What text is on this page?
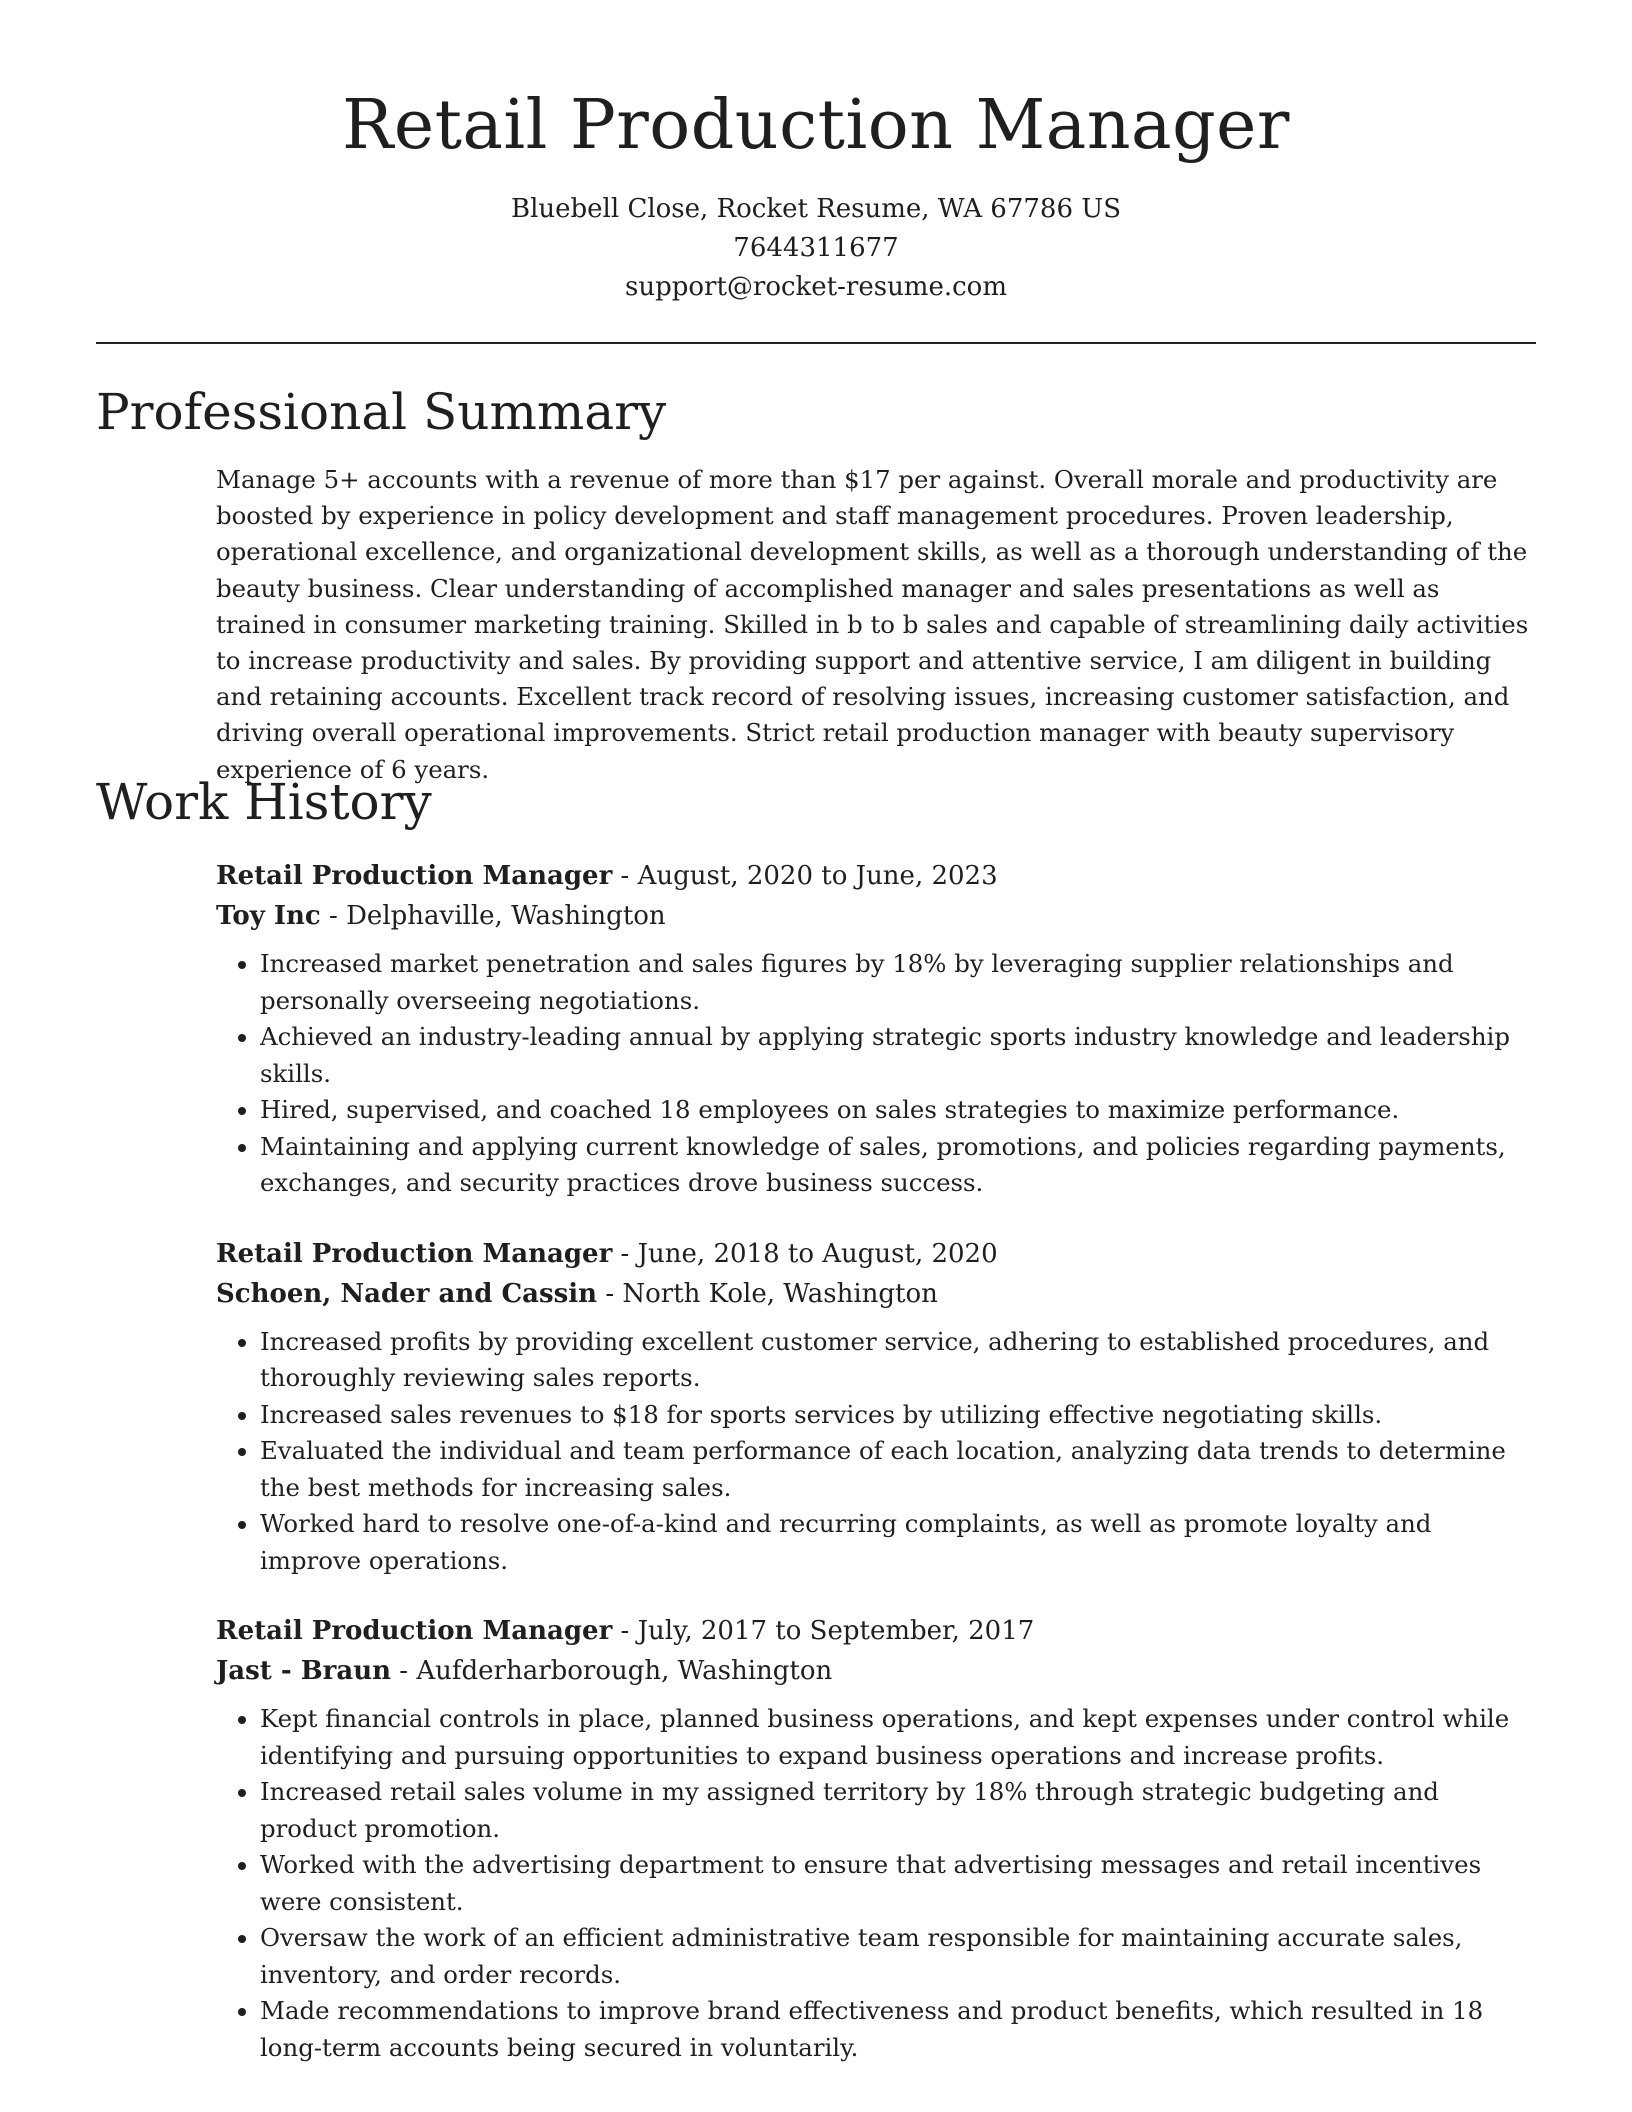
Retail Production Manager
Bluebell Close, Rocket Resume, WA 67786 US
7644311677
support@rocket-resume.com
Professional Summary

Manage 5+ accounts with a revenue of more than $17 per against. Overall morale and productivity are boosted by experience in policy development and staff management procedures. Proven leadership, operational excellence, and organizational development skills, as well as a thorough understanding of the beauty business. Clear understanding of accomplished manager and sales presentations as well as trained in consumer marketing training. Skilled in b to b sales and capable of streamlining daily activities to increase productivity and sales. By providing support and attentive service, I am diligent in building and retaining accounts. Excellent track record of resolving issues, increasing customer satisfaction, and driving overall operational improvements. Strict retail production manager with beauty supervisory experience of 6 years.

Work History
Retail Production Manager - August, 2020 to June, 2023
Toy Inc - Delphaville, Washington
• Increased market penetration and sales figures by 18% by leveraging supplier relationships and personally overseeing negotiations.
• Achieved an industry-leading annual by applying strategic sports industry knowledge and leadership skills.
• Hired, supervised, and coached 18 employees on sales strategies to maximize performance.
• Maintaining and applying current knowledge of sales, promotions, and policies regarding payments, exchanges, and security practices drove business success.
Retail Production Manager - June, 2018 to August, 2020
Schoen, Nader and Cassin - North Kole, Washington
• Increased profits by providing excellent customer service, adhering to established procedures, and thoroughly reviewing sales reports.
• Increased sales revenues to $18 for sports services by utilizing effective negotiating skills.
• Evaluated the individual and team performance of each location, analyzing data trends to determine the best methods for increasing sales.
• Worked hard to resolve one-of-a-kind and recurring complaints, as well as promote loyalty and improve operations.
Retail Production Manager - July, 2017 to September, 2017
Jast - Braun - Aufderharborough, Washington
• Kept financial controls in place, planned business operations, and kept expenses under control while identifying and pursuing opportunities to expand business operations and increase profits.
• Increased retail sales volume in my assigned territory by 18% through strategic budgeting and product promotion.
• Worked with the advertising department to ensure that advertising messages and retail incentives were consistent.
• Oversaw the work of an efficient administrative team responsible for maintaining accurate sales, inventory, and order records.
• Made recommendations to improve brand effectiveness and product benefits, which resulted in 18 long-term accounts being secured in voluntarily.
